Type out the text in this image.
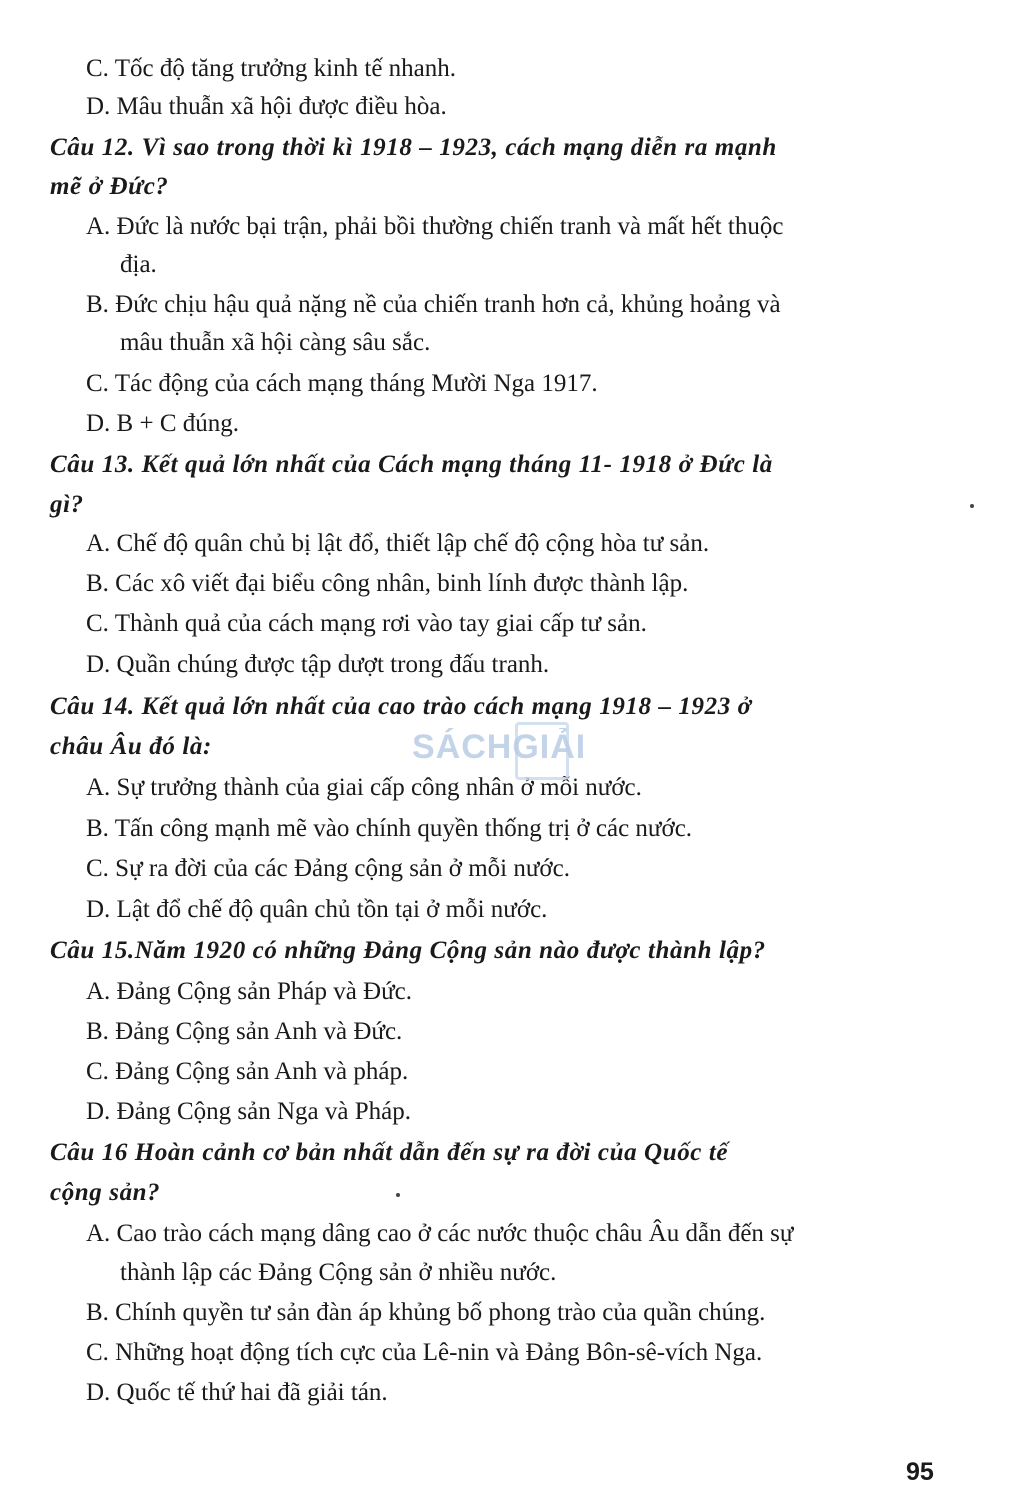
C. Tốc độ tăng trưởng kinh tế nhanh.
D. Mâu thuẫn xã hội được điều hòa.
Câu 12. Vì sao trong thời kì 1918 – 1923, cách mạng diễn ra mạnh
mẽ ở Đức?
A. Đức là nước bại trận, phải bồi thường chiến tranh và mất hết thuộc
địa.
B. Đức chịu hậu quả nặng nề của chiến tranh hơn cả, khủng hoảng và
mâu thuẫn xã hội càng sâu sắc.
C. Tác động của cách mạng tháng Mười Nga 1917.
D. B + C đúng.
Câu 13. Kết quả lớn nhất của Cách mạng tháng 11- 1918 ở Đức là
gì?
A. Chế độ quân chủ bị lật đổ, thiết lập chế độ cộng hòa tư sản.
B. Các xô viết đại biểu công nhân, binh lính được thành lập.
C. Thành quả của cách mạng rơi vào tay giai cấp tư sản.
D. Quần chúng được tập dượt trong đấu tranh.
Câu 14. Kết quả lớn nhất của cao trào cách mạng 1918 – 1923 ở
châu Âu đó là:
A. Sự trưởng thành của giai cấp công nhân ở mỗi nước.
B. Tấn công mạnh mẽ vào chính quyền thống trị ở các nước.
C. Sự ra đời của các Đảng cộng sản ở mỗi nước.
D. Lật đổ chế độ quân chủ tồn tại ở mỗi nước.
Câu 15.Năm 1920 có những Đảng Cộng sản nào được thành lập?
A. Đảng Cộng sản Pháp và Đức.
B. Đảng Cộng sản Anh và Đức.
C. Đảng Cộng sản Anh và pháp.
D. Đảng Cộng sản Nga và Pháp.
Câu 16 Hoàn cảnh cơ bản nhất dẫn đến sự ra đời của Quốc tế
cộng sản?
A. Cao trào cách mạng dâng cao ở các nước thuộc châu Âu dẫn đến sự
thành lập các Đảng Cộng sản ở nhiều nước.
B. Chính quyền tư sản đàn áp khủng bố phong trào của quần chúng.
C. Những hoạt động tích cực của Lê-nin và Đảng Bôn-sê-vích Nga.
D. Quốc tế thứ hai đã giải tán.
SÁCHGIẢI
95
